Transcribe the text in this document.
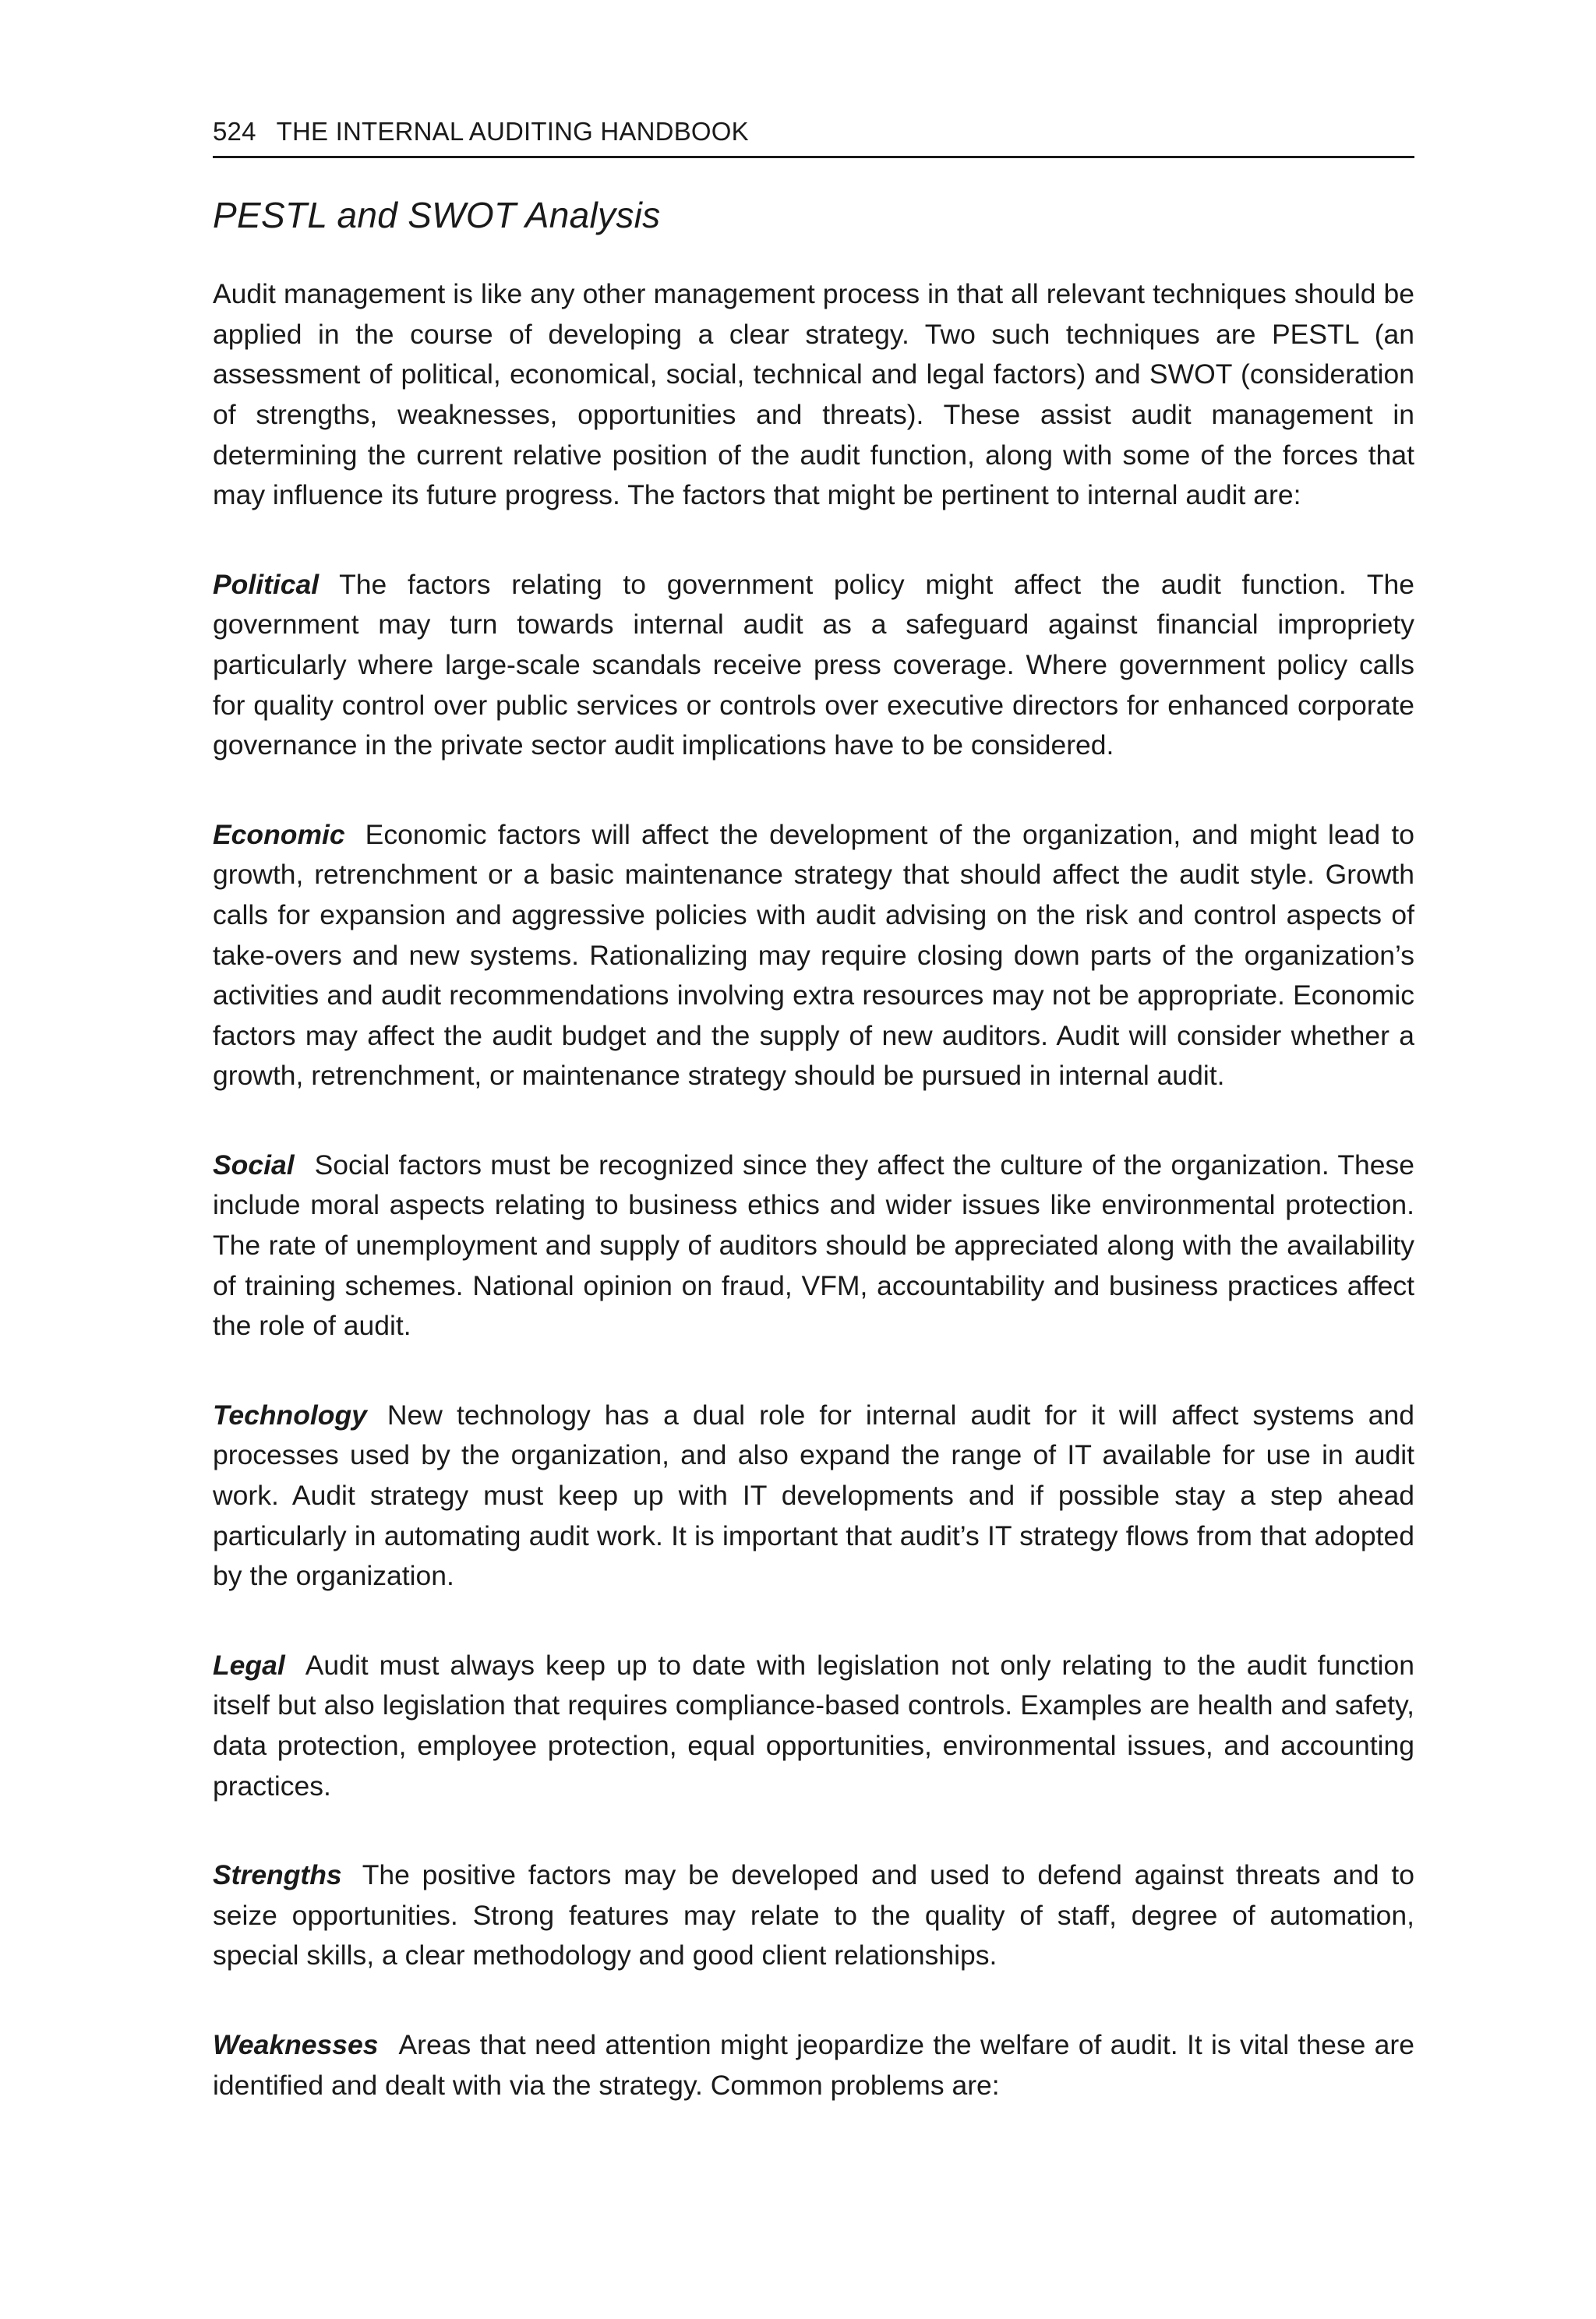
524 THE INTERNAL AUDITING HANDBOOK
PESTL and SWOT Analysis

Audit management is like any other management process in that all relevant techniques should be applied in the course of developing a clear strategy. Two such techniques are PESTL (an assessment of political, economical, social, technical and legal factors) and SWOT (consideration of strengths, weaknesses, opportunities and threats). These assist audit management in determining the current relative position of the audit function, along with some of the forces that may influence its future progress. The factors that might be pertinent to internal audit are:

Political The factors relating to government policy might affect the audit function. The government may turn towards internal audit as a safeguard against financial impropriety particularly where large-scale scandals receive press coverage. Where government policy calls for quality control over public services or controls over executive directors for enhanced corporate governance in the private sector audit implications have to be considered.

Economic Economic factors will affect the development of the organization, and might lead to growth, retrenchment or a basic maintenance strategy that should affect the audit style. Growth calls for expansion and aggressive policies with audit advising on the risk and control aspects of take-overs and new systems. Rationalizing may require closing down parts of the organization’s activities and audit recommendations involving extra resources may not be appropriate. Economic factors may affect the audit budget and the supply of new auditors. Audit will consider whether a growth, retrenchment, or maintenance strategy should be pursued in internal audit.

Social Social factors must be recognized since they affect the culture of the organization. These include moral aspects relating to business ethics and wider issues like environmental protection. The rate of unemployment and supply of auditors should be appreciated along with the availability of training schemes. National opinion on fraud, VFM, accountability and business practices affect the role of audit.

Technology New technology has a dual role for internal audit for it will affect systems and processes used by the organization, and also expand the range of IT available for use in audit work. Audit strategy must keep up with IT developments and if possible stay a step ahead particularly in automating audit work. It is important that audit’s IT strategy flows from that adopted by the organization.

Legal Audit must always keep up to date with legislation not only relating to the audit function itself but also legislation that requires compliance-based controls. Examples are health and safety, data protection, employee protection, equal opportunities, environmental issues, and accounting practices.

Strengths The positive factors may be developed and used to defend against threats and to seize opportunities. Strong features may relate to the quality of staff, degree of automation, special skills, a clear methodology and good client relationships.

Weaknesses Areas that need attention might jeopardize the welfare of audit. It is vital these are identified and dealt with via the strategy. Common problems are:
